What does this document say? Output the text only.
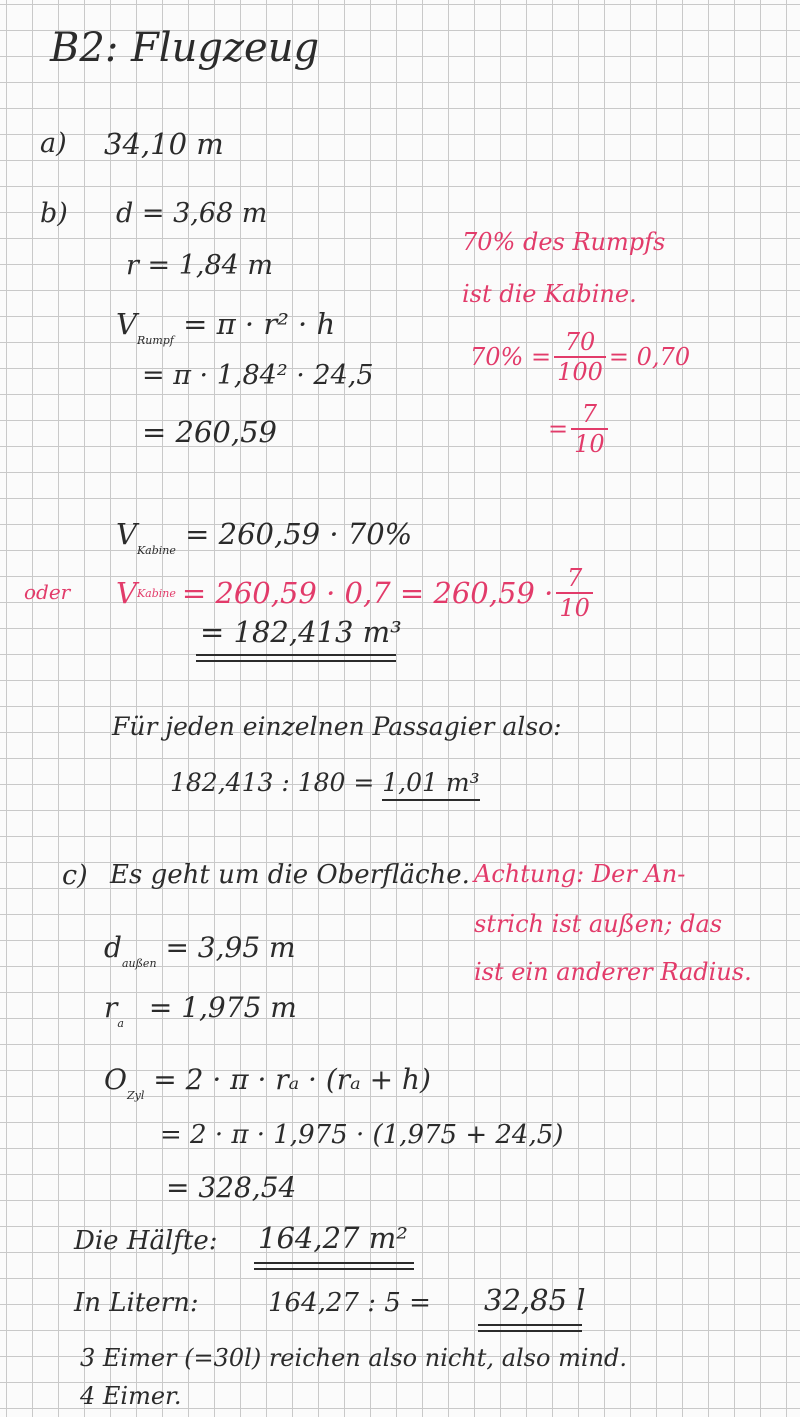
B2: Flugzeug
a) 34,10 m
b) d = 3,68 m
r = 1,84 m
$V_{Rumpf} = \pi \cdot r^2 \cdot h$
= π · 1,84² · 24,5
= 260,59
70% des Rumpfs
ist die Kabine.
$70\% = \frac{70}{100} = 0,70$
= $\frac{7}{10}$
$V_{Kabine} = 260,59 \cdot 70\%$
oder V Kabine = $260,59 \cdot 0,7 = 260,59 \cdot \frac{7}{10}$
= 182,413 m³
Für jeden einzelnen Passagier also:
182,413 : 180 = 1,01 m³
c) Es geht um die Oberfläche. Achtung: Der An-
strich ist außen; das
ist ein anderer Radius.
$d_{außen} = 3,95$ m
$r_a = 1,975$ m
$O_{Zyl} = 2 \cdot \pi \cdot r_a \cdot (r_a + h)$
= 2 · π · 1,975 · (1,975 + 24,5)
= 328,54
Die Hälfte: 164,27 m²
In Litern:	164,27 : 5 = 32,85 l
3 Eimer (=30l) reichen also nicht, also mind.
4 Eimer.
